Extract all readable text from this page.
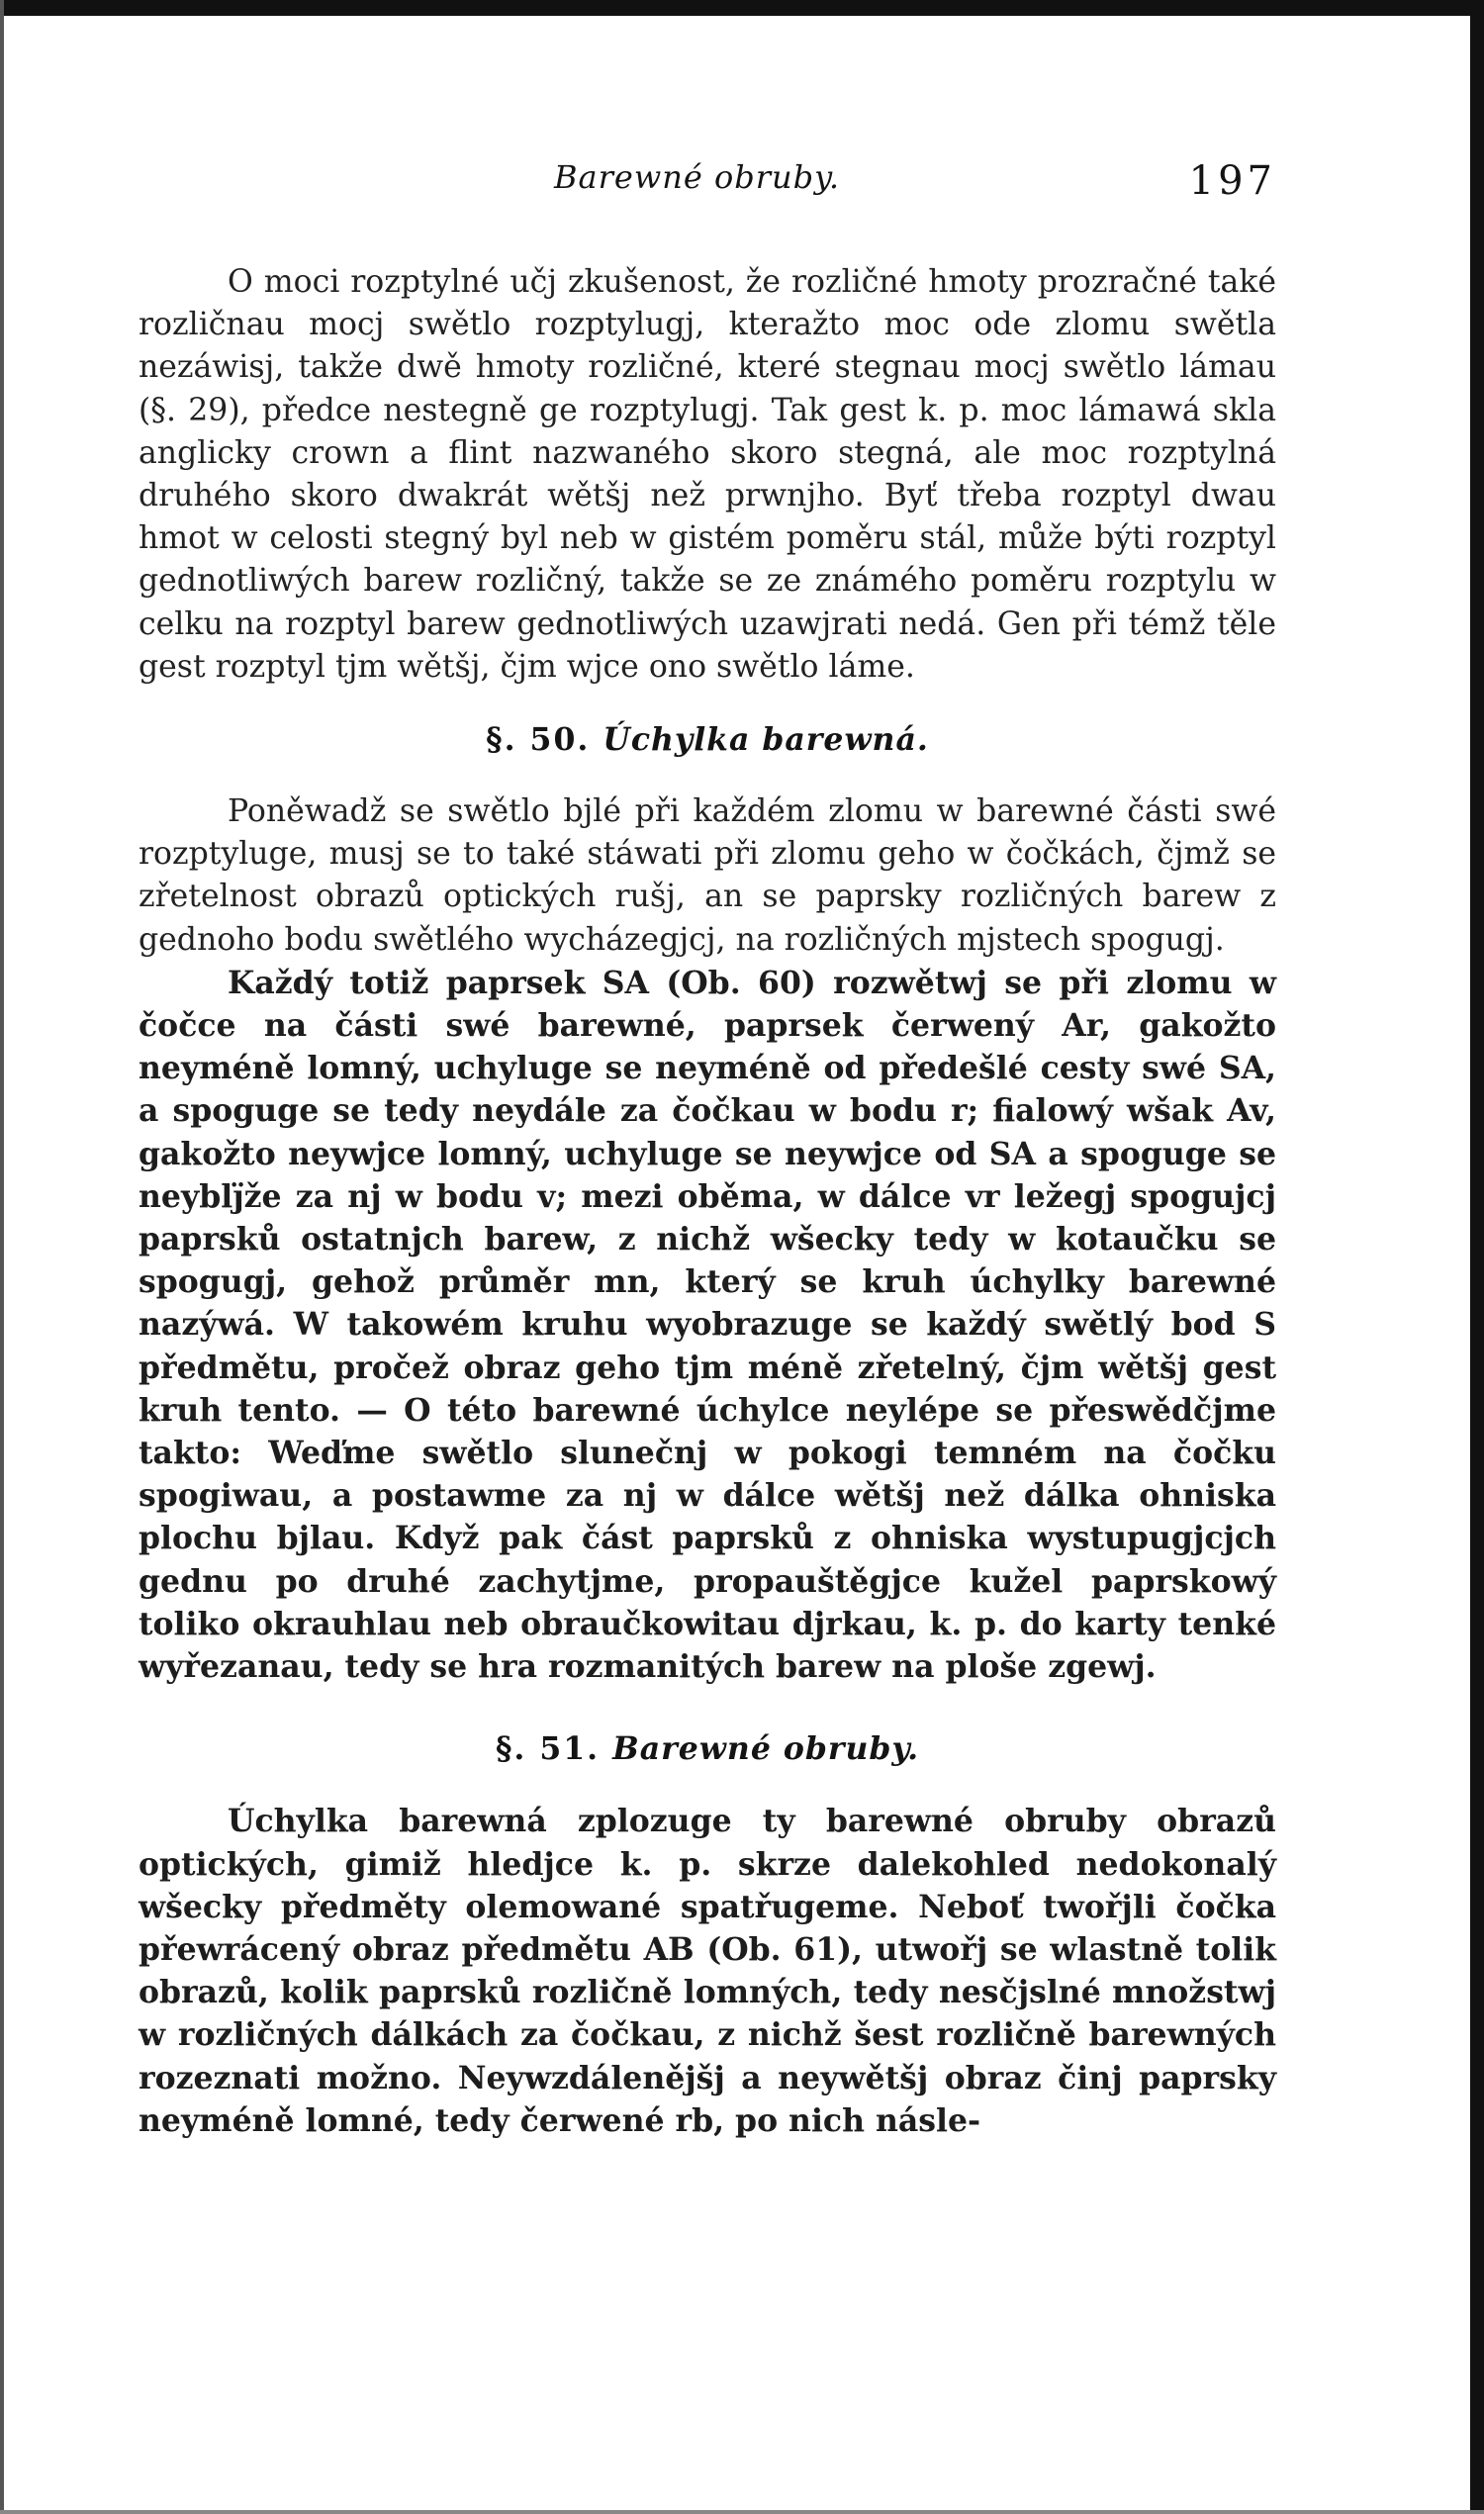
Barewné obruby.	197

O moci rozptylné učj zkušenost, že rozličné hmoty prozračné také rozličnau mocj swětlo rozptylugj, kteražto moc ode zlomu swětla nezáwisj, takže dwě hmoty rozličné, které stegnau mocj swětlo lámau (§. 29), předce nestegně ge rozptylugj. Tak gest k. p. moc lámawá skla anglicky crown a flint nazwaného skoro stegná, ale moc rozptylná druhého skoro dwakrát wětšj než prwnjho. Byť třeba rozptyl dwau hmot w celosti stegný byl neb w gistém poměru stál, může býti rozptyl gednotliwých barew rozličný, takže se ze známého poměru rozptylu w celku na rozptyl barew gednotliwých uzawjrati nedá. Gen při témž těle gest rozptyl tjm wětšj, čjm wjce ono swětlo láme.

§. 50. Úchylka barewná.

Poněwadž se swětlo bjlé při každém zlomu w barewné části swé rozptyluge, musj se to také stáwati při zlomu geho w čočkách, čjmž se zřetelnost obrazů optických rušj, an se paprsky rozličných barew z gednoho bodu swětlého wycházegjcj, na rozličných mjstech spogugj.

Každý totiž paprsek SA (Ob. 60) rozwětwj se při zlomu w čočce na části swé barewné, paprsek čerwený Ar, gakožto neyméně lomný, uchyluge se neyméně od předešlé cesty swé SA, a spoguge se tedy neydále za čočkau w bodu r; fialowý wšak Av, gakožto neywjce lomný, uchyluge se neywjce od SA a spoguge se neyblj̈že za nj w bodu v; mezi oběma, w dálce vr ležegj spogujcj paprsků ostatnjch barew, z nichž wšecky tedy w kotaučku se spogugj, gehož průměr mn, který se kruh úchylky barewné nazýwá. W takowém kruhu wyobrazuge se každý swětlý bod S předmětu, pročež obraz geho tjm méně zřetelný, čjm wětšj gest kruh tento. — O této barewné úchylce neylépe se přeswědčjme takto: Weďme swětlo slunečnj w pokogi temném na čočku spogiwau, a postawme za nj w dálce wětšj než dálka ohniska plochu bjlau. Když pak část paprsků z ohniska wystupugjcjch gednu po druhé zachytjme, propauštěgjce kužel paprskowý toliko okrauhlau neb obraučkowitau djrkau, k. p. do karty tenké wyřezanau, tedy se hra rozmanitých barew na ploše zgewj.

§. 51. Barewné obruby.

Úchylka barewná zplozuge ty barewné obruby obrazů optických, gimiž hledjce k. p. skrze dalekohled nedokonalý wšecky předměty olemowané spatřugeme. Neboť twořjli čočka přewrácený obraz předmětu AB (Ob. 61), utwořj se wlastně tolik obrazů, kolik paprsků rozličně lomných, tedy nesčjslné množstwj w rozličných dálkách za čočkau, z nichž šest rozličně barewných rozeznati možno. Neywzdálenějšj a neywětšj obraz činj paprsky neyméně lomné, tedy čerwené rb, po nich násle-
